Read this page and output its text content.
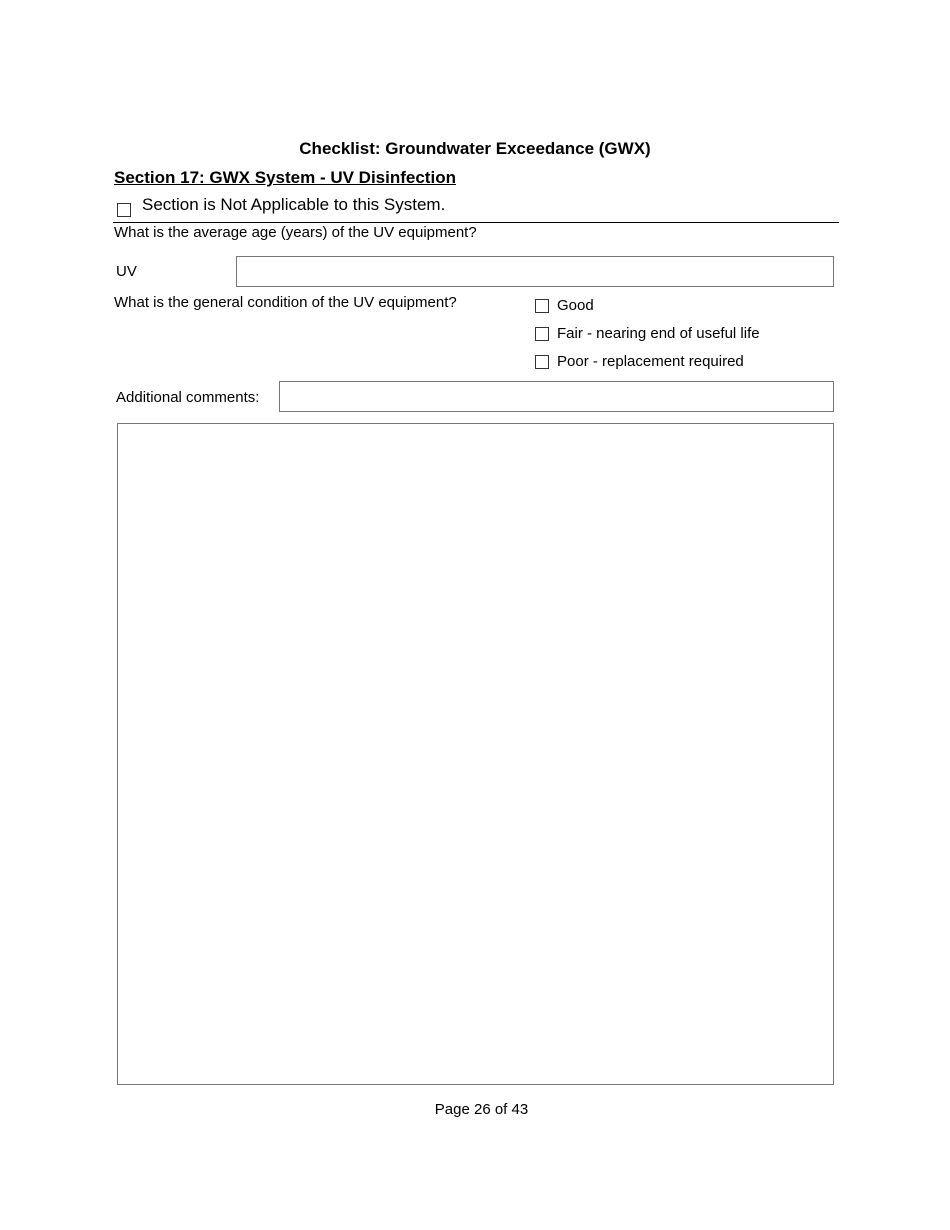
Checklist: Groundwater Exceedance (GWX)
Section 17: GWX System - UV Disinfection
Section is Not Applicable to this System.
What is the average age (years) of the UV equipment?
UV
What is the general condition of the UV equipment?	Good
Fair - nearing end of useful life
Poor - replacement required
Additional comments:
Page 26 of 43
